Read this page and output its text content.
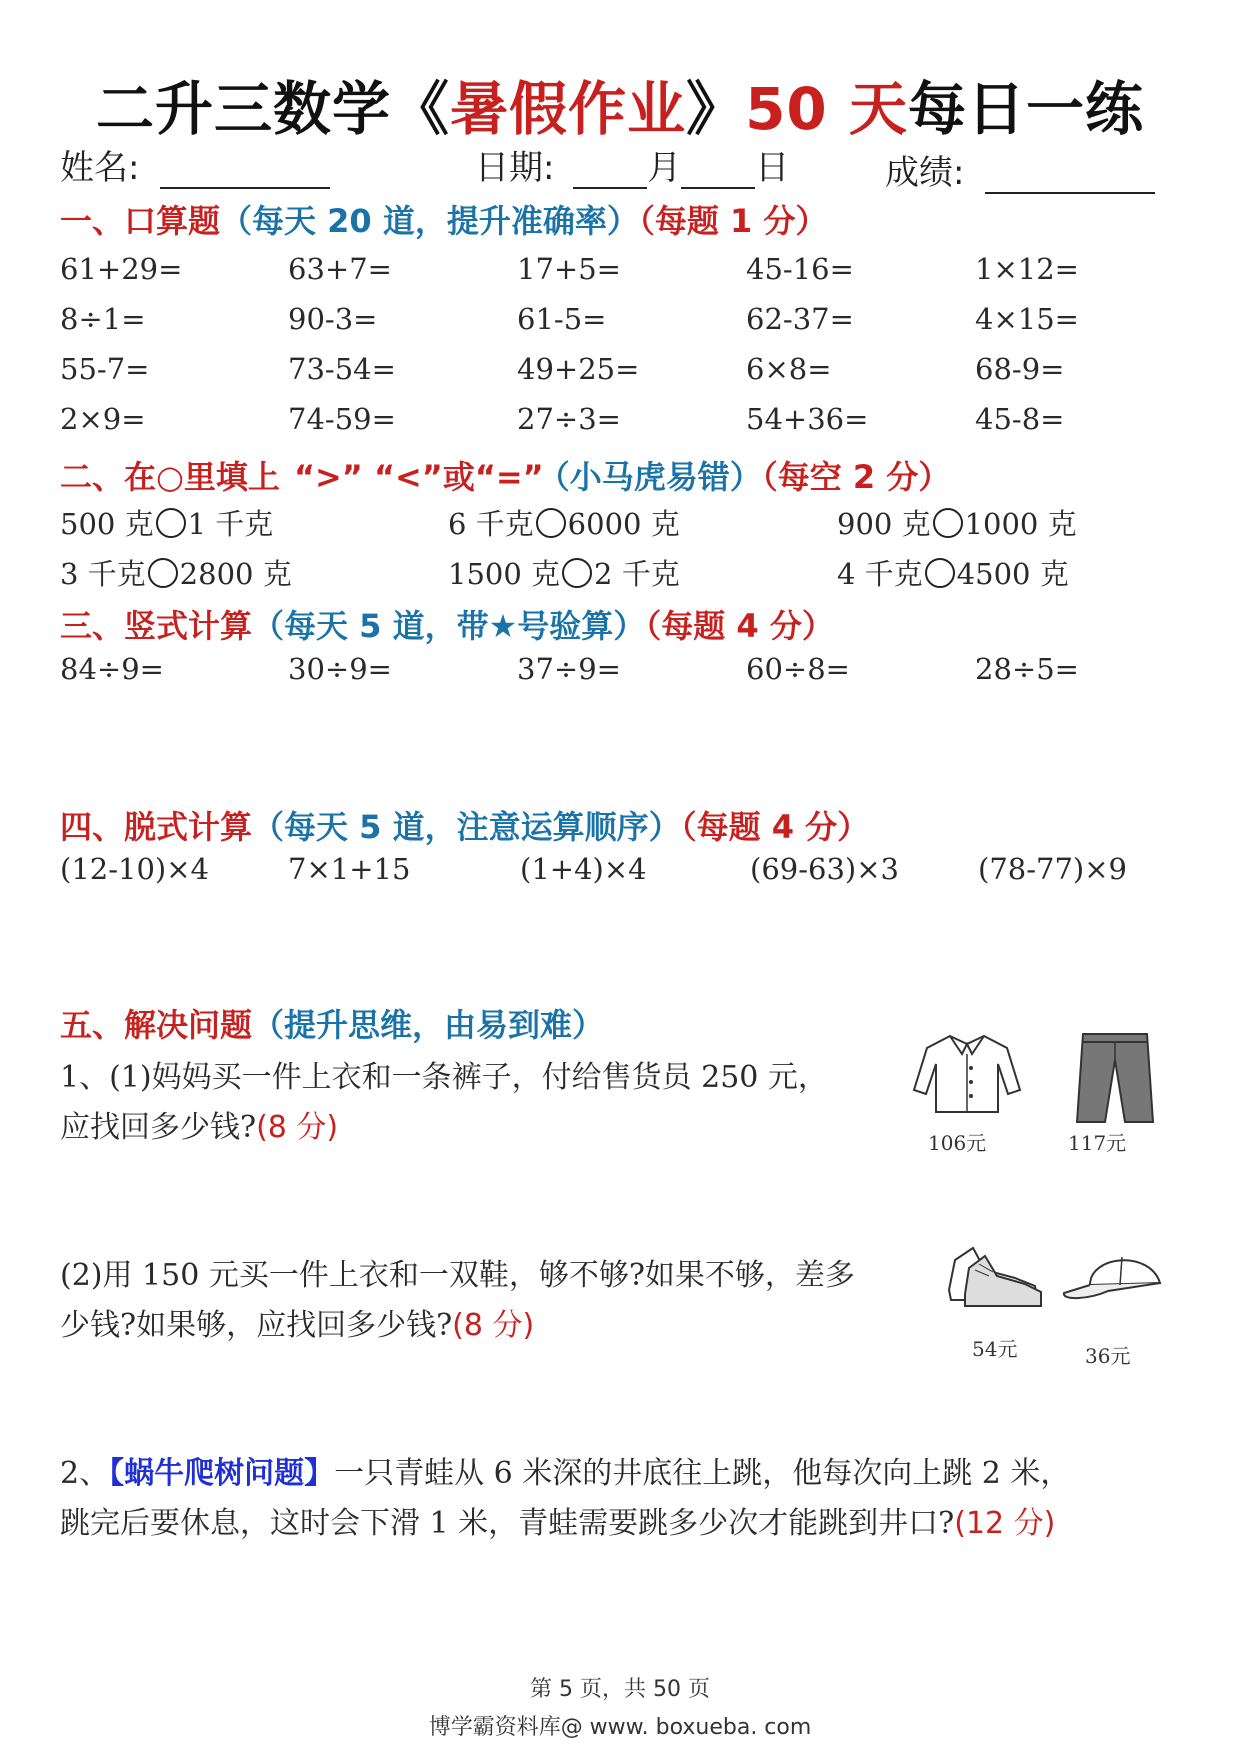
二升三数学《暑假作业》50 天每日一练
姓名:	日期:	月 日	成绩:
一、口算题（每天 20 道，提升准确率）（每题 1 分）
61+29=	63+7=	17+5=	45-16=	1×12=
8÷1=	90-3=	61-5=	62-37=	4×15=
55-7=	73-54=	49+25=	6×8=	68-9=
2×9=	74-59=	27÷3=	54+36=	45-8=
二、在○里填上 “>” “<”或“=” （小马虎易错）（每空 2 分）
500 克 1 千克	6 千克 6000 克	900 克 1000 克
3 千克 2800 克	1500 克 2 千克	4 千克 4500 克
三、竖式计算（每天 5 道，带★号验算）（每题 4 分）
84÷9=	30÷9=	37÷9=	60÷8=	28÷5=
四、脱式计算（每天 5 道，注意运算顺序）（每题 4 分）
(12-10)×4	7×1+15	(1+4)×4	(69-63)×3	(78-77)×9
五、解决问题（提升思维，由易到难）
1、(1)妈妈买一件上衣和一条裤子，付给售货员 250 元，
应找回多少钱?(8 分)	106元	117元
(2)用 150 元买一件上衣和一双鞋，够不够?如果不够，差多
少钱?如果够，应找回多少钱?(8 分)
54元	36元
2、【蜗牛爬树问题】一只青蛙从 6 米深的井底往上跳，他每次向上跳 2 米，
跳完后要休息，这时会下滑 1 米，青蛙需要跳多少次才能跳到井口?(12 分)
第 5 页，共 50 页
博学霸资料库@ www. boxueba. com
